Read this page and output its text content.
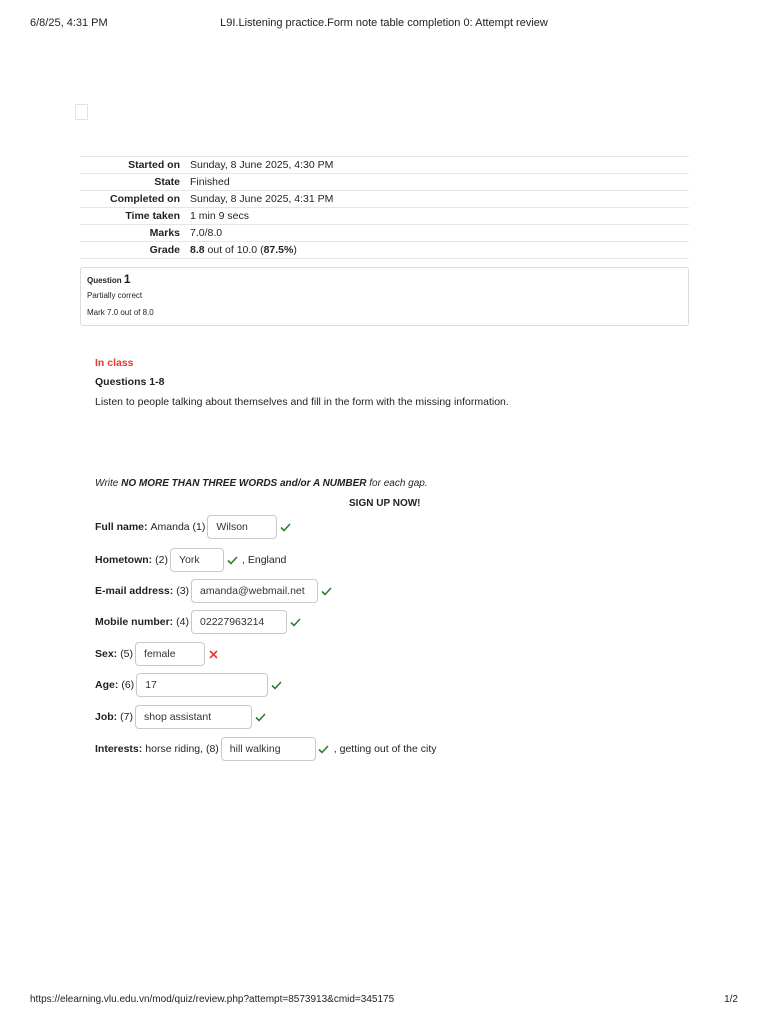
6/8/25, 4:31 PM	L9I.Listening practice.Form note table completion 0: Attempt review
Started on	Sunday, 8 June 2025, 4:30 PM
State	Finished
Completed on	Sunday, 8 June 2025, 4:31 PM
Time taken	1 min 9 secs
Marks	7.0/8.0
Grade	8.8 out of 10.0 (87.5%)
Question 1
Partially correct
Mark 7.0 out of 8.0
In class
Questions 1-8
Listen to people talking about themselves and fill in the form with the missing information.
Write NO MORE THAN THREE WORDS and/or A NUMBER for each gap.
SIGN UP NOW!
Full name: Amanda (1)	Wilson
Hometown: (2)	York	, England
E-mail address: (3)	amanda@webmail.net
Mobile number: (4)	02227963214
Sex: (5)	female
Age: (6)	17
Job: (7)	shop assistant
Interests: horse riding, (8)	hill walking	, getting out of the city
https://elearning.vlu.edu.vn/mod/quiz/review.php?attempt=8573913&cmid=345175	1/2
